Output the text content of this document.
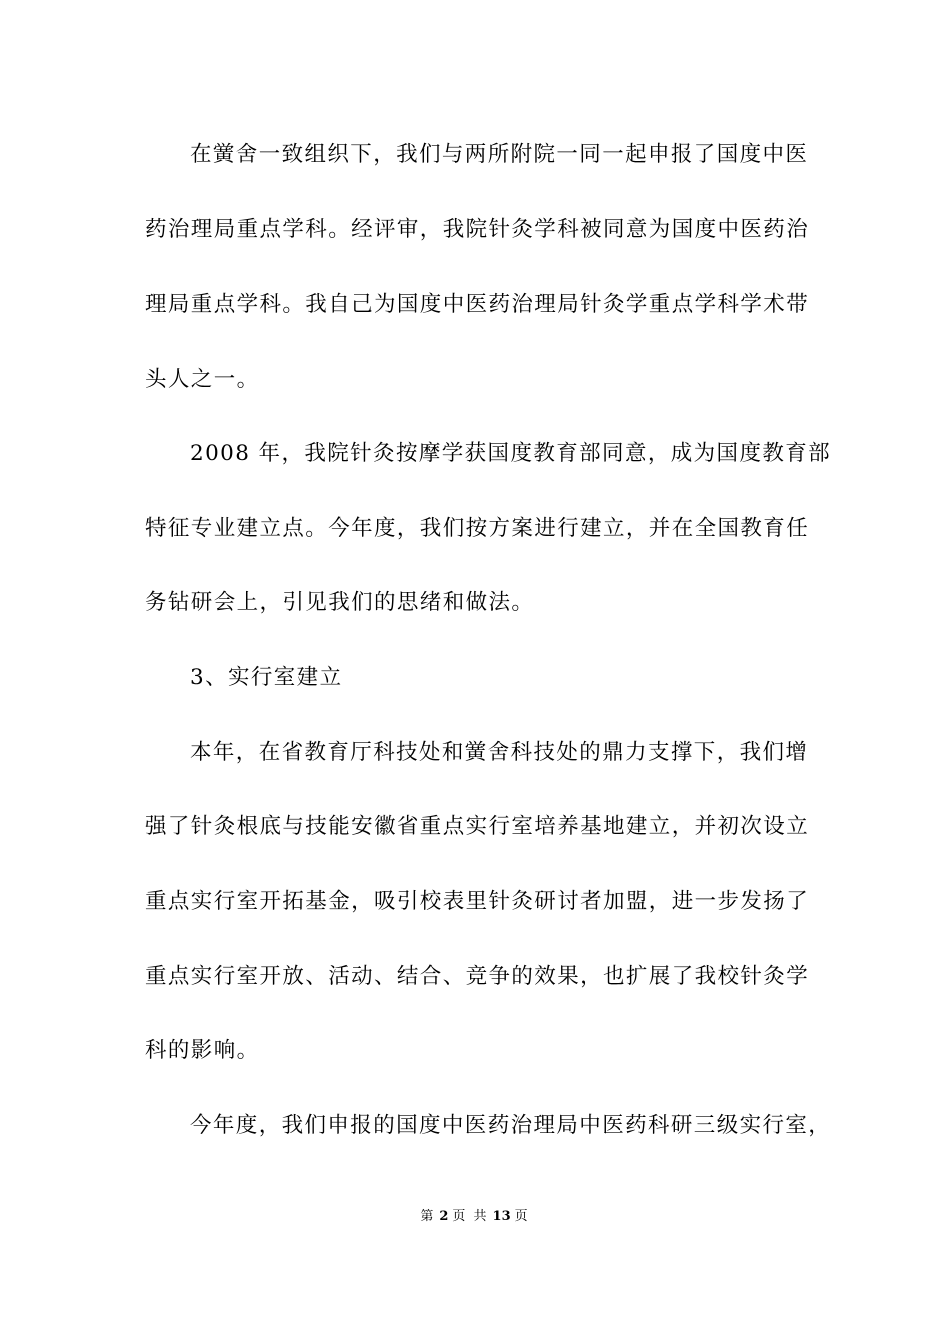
在黉舍一致组织下，我们与两所附院一同一起申报了国度中医
药治理局重点学科。经评审，我院针灸学科被同意为国度中医药治
理局重点学科。我自己为国度中医药治理局针灸学重点学科学术带
头人之一。
2008 年，我院针灸按摩学获国度教育部同意，成为国度教育部
特征专业建立点。今年度，我们按方案进行建立，并在全国教育任
务钻研会上，引见我们的思绪和做法。
3、实行室建立
本年，在省教育厅科技处和黉舍科技处的鼎力支撑下，我们增
强了针灸根底与技能安徽省重点实行室培养基地建立，并初次设立
重点实行室开拓基金，吸引校表里针灸研讨者加盟，进一步发扬了
重点实行室开放、活动、结合、竞争的效果，也扩展了我校针灸学
科的影响。
今年度，我们申报的国度中医药治理局中医药科研三级实行室，
第 2 页 共 13 页
